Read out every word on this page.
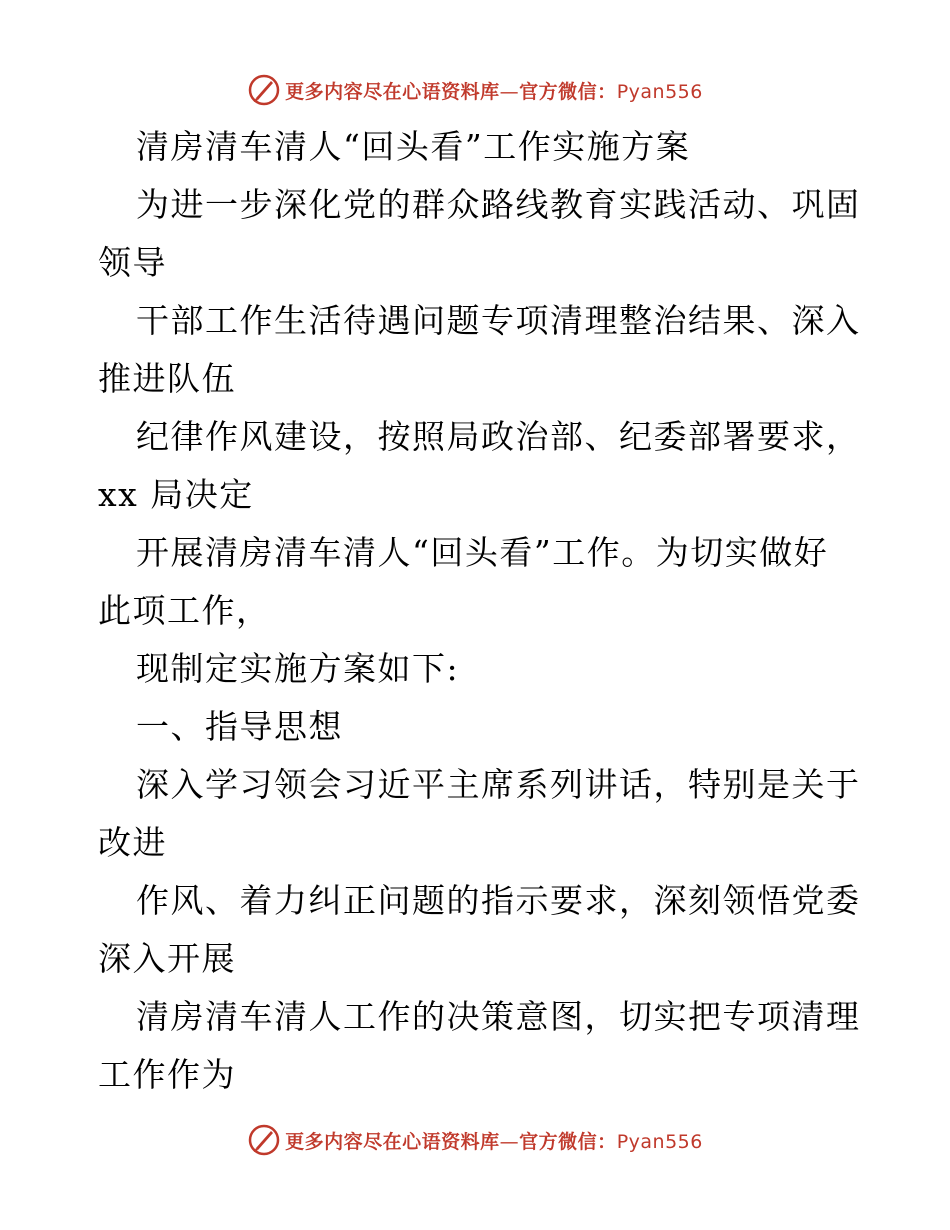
更多内容尽在心语资料库—官方微信：Pyan556
清房清车清人“回头看”工作实施方案
为进一步深化党的群众路线教育实践活动、巩固
领导
干部工作生活待遇问题专项清理整治结果、深入
推进队伍
纪律作风建设，按照局政治部、纪委部署要求，
xx 局决定
开展清房清车清人“回头看”工作。为切实做好
此项工作，
现制定实施方案如下:
一、指导思想
深入学习领会习近平主席系列讲话，特别是关于
改进
作风、着力纠正问题的指示要求，深刻领悟党委
深入开展
清房清车清人工作的决策意图，切实把专项清理
工作作为
更多内容尽在心语资料库—官方微信：Pyan556
